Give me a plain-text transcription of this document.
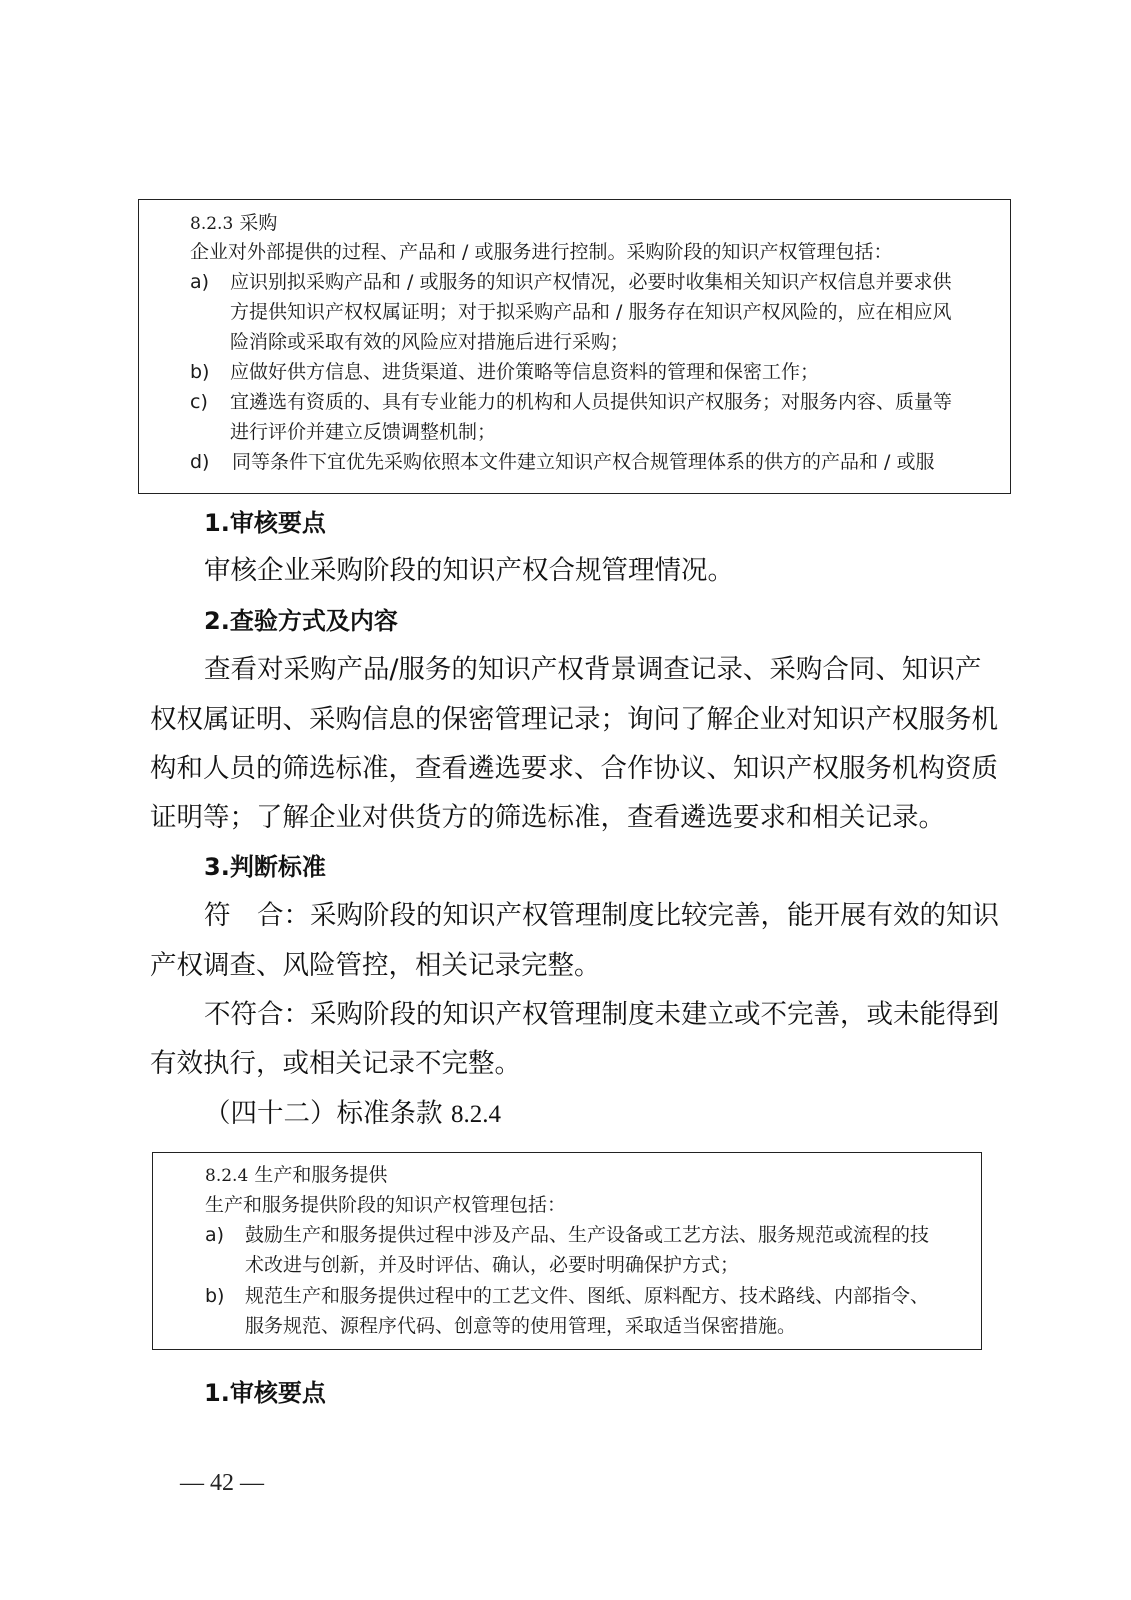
8.2.3 采购
企业对外部提供的过程、产品和 / 或服务进行控制。采购阶段的知识产权管理包括：
a) 应识别拟采购产品和 / 或服务的知识产权情况，必要时收集相关知识产权信息并要求供
方提供知识产权权属证明；对于拟采购产品和 / 服务存在知识产权风险的，应在相应风
险消除或采取有效的风险应对措施后进行采购；
b) 应做好供方信息、进货渠道、进价策略等信息资料的管理和保密工作；
c) 宜遴选有资质的、具有专业能力的机构和人员提供知识产权服务；对服务内容、质量等
进行评价并建立反馈调整机制；
d) 同等条件下宜优先采购依照本文件建立知识产权合规管理体系的供方的产品和 / 或服
1.审核要点
审核企业采购阶段的知识产权合规管理情况。
2.查验方式及内容
查看对采购产品/服务的知识产权背景调查记录、采购合同、知识产
权权属证明、采购信息的保密管理记录；询问了解企业对知识产权服务机
构和人员的筛选标准，查看遴选要求、合作协议、知识产权服务机构资质
证明等；了解企业对供货方的筛选标准，查看遴选要求和相关记录。
3.判断标准
符　合：采购阶段的知识产权管理制度比较完善，能开展有效的知识
产权调查、风险管控，相关记录完整。
不符合：采购阶段的知识产权管理制度未建立或不完善，或未能得到
有效执行，或相关记录不完整。
（四十二）标准条款 8.2.4
8.2.4 生产和服务提供
生产和服务提供阶段的知识产权管理包括：
a) 鼓励生产和服务提供过程中涉及产品、生产设备或工艺方法、服务规范或流程的技
术改进与创新，并及时评估、确认，必要时明确保护方式；
b) 规范生产和服务提供过程中的工艺文件、图纸、原料配方、技术路线、内部指令、
服务规范、源程序代码、创意等的使用管理，采取适当保密措施。
1.审核要点
— 42 —
